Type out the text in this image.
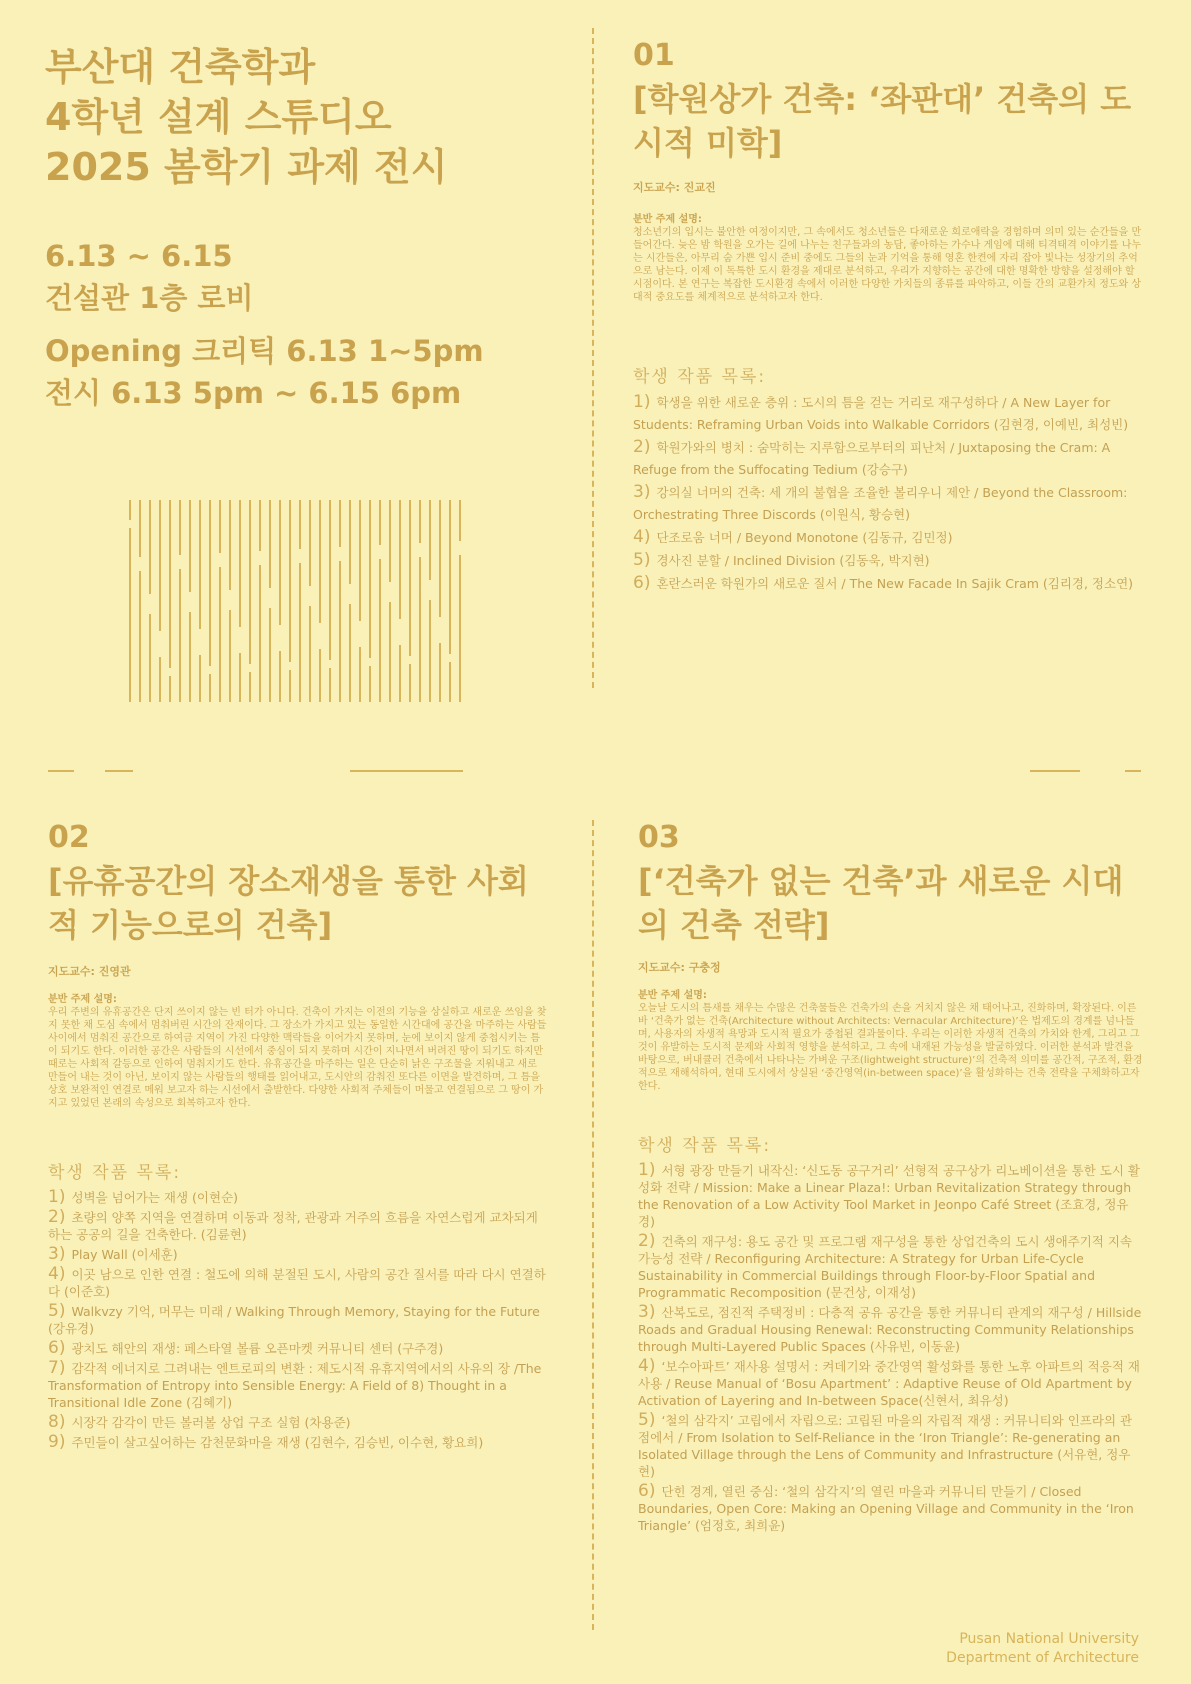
부산대 건축학과
4학년 설계 스튜디오
2025 봄학기 과제 전시
6.13 ~ 6.15
건설관 1층 로비
Opening 크리틱 6.13 1~5pm
전시 6.13 5pm ~ 6.15 6pm
01
[학원상가 건축: ‘좌판대’ 건축의 도시적 미학]
지도교수: 진교진
분반 주제 설명:
청소년기의 입시는 불안한 여정이지만, 그 속에서도 청소년들은 다채로운 희로애락을 경험하며 의미 있는 순간들을 만들어간다. 늦은 밤 학원을 오가는 길에 나누는 친구들과의 농담, 좋아하는 가수나 게임에 대해 티격태격 이야기를 나누는 시간들은, 아무리 숨 가쁜 입시 준비 중에도 그들의 눈과 기억을 통해 영혼 한켠에 자리 잡아 빛나는 성장기의 추억으로 남는다. 이제 이 독특한 도시 환경을 제대로 분석하고, 우리가 지향하는 공간에 대한 명확한 방향을 설정해야 할 시점이다. 본 연구는 복잡한 도시환경 속에서 이러한 다양한 가치들의 종류를 파악하고, 이들 간의 교환가치 정도와 상대적 중요도를 체계적으로 분석하고자 한다.
학생 작품 목록:
1) 학생을 위한 새로운 층위 : 도시의 틈을 걷는 거리로 재구성하다 / A New Layer for Students: Reframing Urban Voids into Walkable Corridors (김현경, 이예빈, 최성빈)
2) 학원가와의 병치 : 숨막히는 지루함으로부터의 피난처 / Juxtaposing the Cram: A Refuge from the Suffocating Tedium (강승구)
3) 강의실 너머의 건축: 세 개의 불협을 조율한 볼리우니 제안 / Beyond the Classroom: Orchestrating Three Discords (이원식, 황승현)
4) 단조로움 너머 / Beyond Monotone (김동규, 김민정)
5) 경사진 분할 / Inclined Division (김동욱, 박지현)
6) 혼란스러운 학원가의 새로운 질서 / The New Facade In Sajik Cram (김리경, 정소연)
02
[유휴공간의 장소재생을 통한 사회적 기능으로의 건축]
지도교수: 진영관
분반 주제 설명:
우리 주변의 유휴공간은 단지 쓰이지 않는 빈 터가 아니다. 건축이 가지는 이전의 기능을 상실하고 새로운 쓰임을 찾지 못한 채 도심 속에서 멈춰버린 시간의 잔재이다. 그 장소가 가지고 있는 동일한 시간대에 공간을 마주하는 사람들 사이에서 멈춰진 공간으로 하여금 지역이 가진 다양한 맥락들을 이어가지 못하며, 눈에 보이지 않게 중첩시키는 틈이 되기도 한다. 이러한 공간은 사람들의 시선에서 중심이 되지 못하며 시간이 지나면서 버려진 땅이 되기도 하지만 때로는 사회적 갈등으로 인하여 멈춰지기도 한다. 유휴공간을 마주하는 일은 단순히 낡은 구조물을 지워내고 새로 만들어 내는 것이 아닌, 보이지 않는 사람들의 행태를 읽어내고, 도시안의 감춰진 또다른 이면을 발견하며, 그 틈을 상호 보완적인 연결로 메워 보고자 하는 시선에서 출발한다. 다양한 사회적 주체들이 머물고 연결됨으로 그 땅이 가지고 있었던 본래의 속성으로 회복하고자 한다.
학생 작품 목록:
1) 성벽을 넘어가는 재생 (이현순)
2) 초량의 양쪽 지역을 연결하며 이동과 정착, 관광과 거주의 흐름을 자연스럽게 교차되게 하는 공공의 길을 건축한다. (김륜현)
3) Play Wall (이세훈)
4) 이곳 남으로 인한 연결 : 철도에 의해 분절된 도시, 사람의 공간 질서를 따라 다시 연결하다 (이준호)
5) Walkvzy 기억, 머무는 미래 / Walking Through Memory, Staying for the Future (강유경)
6) 광치도 해안의 재생: 페스타열 볼륨 오픈마켓 커뮤니티 센터 (구주경)
7) 감각적 에너지로 그려내는 엔트로피의 변환 : 제도시적 유휴지역에서의 사유의 장 /The Transformation of Entropy into Sensible Energy: A Field of 8) Thought in a Transitional Idle Zone (김혜기)
8) 시장각 감각이 만든 볼러볼 상업 구조 실험 (차용준)
9) 주민들이 살고싶어하는 감천문화마을 재생 (김현수, 김승빈, 이수현, 황요희)
03
[‘건축가 없는 건축’과 새로운 시대의 건축 전략]
지도교수: 구충정
분반 주제 설명:
오늘날 도시의 틈새를 채우는 수많은 건축물들은 건축가의 손을 거치지 않은 채 태어나고, 진화하며, 확장된다. 이른바 ‘건축가 없는 건축(Architecture without Architects: Vernacular Architecture)’은 법제도의 경계를 넘나들며, 사용자의 자생적 욕망과 도시적 필요가 중첩된 결과물이다. 우리는 이러한 자생적 건축의 가치와 한계, 그리고 그것이 유발하는 도시적 문제와 사회적 영향을 분석하고, 그 속에 내재된 가능성을 발굴하였다. 이러한 분석과 발견을 바탕으로, 버내큘러 건축에서 나타나는 가벼운 구조(lightweight structure)’의 건축적 의미를 공간적, 구조적, 환경적으로 재해석하여, 현대 도시에서 상실된 ‘중간영역(in-between space)’을 활성화하는 건축 전략을 구체화하고자 한다.
학생 작품 목록:
1) 서형 광장 만들기 내작신: ‘신도동 공구거리’ 선형적 공구상가 리노베이션을 통한 도시 활성화 전략 / Mission: Make a Linear Plaza!: Urban Revitalization Strategy through the Renovation of a Low Activity Tool Market in Jeonpo Café Street (조효경, 정유경)
2) 건축의 재구성: 용도 공간 및 프로그램 재구성을 통한 상업건축의 도시 생애주기적 지속가능성 전략 / Reconfiguring Architecture: A Strategy for Urban Life-Cycle Sustainability in Commercial Buildings through Floor-by-Floor Spatial and Programmatic Recomposition (문건상, 이재성)
3) 산복도로, 점진적 주택정비 : 다층적 공유 공간을 통한 커뮤니티 관계의 재구성 / Hillside Roads and Gradual Housing Renewal: Reconstructing Community Relationships through Multi-Layered Public Spaces (사유빈, 이동윤)
4) ‘보수아파트’ 재사용 설명서 : 켜데기와 중간영역 활성화를 통한 노후 아파트의 적응적 재사용 / Reuse Manual of ‘Bosu Apartment’ : Adaptive Reuse of Old Apartment by Activation of Layering and In-between Space(신현서, 최유성)
5) ‘철의 삼각지’ 고립에서 자립으로: 고립된 마을의 자립적 재생 : 커뮤니티와 인프라의 관점에서 / From Isolation to Self-Reliance in the ‘Iron Triangle’: Re-generating an Isolated Village through the Lens of Community and Infrastructure (서유현, 정우현)
6) 단힌 경계, 열린 중심: ‘철의 삼각지’의 열린 마을과 커뮤니티 만들기 / Closed Boundaries, Open Core: Making an Opening Village and Community in the ‘Iron Triangle’ (엄정호, 최희윤)
Pusan National University
Department of Architecture
